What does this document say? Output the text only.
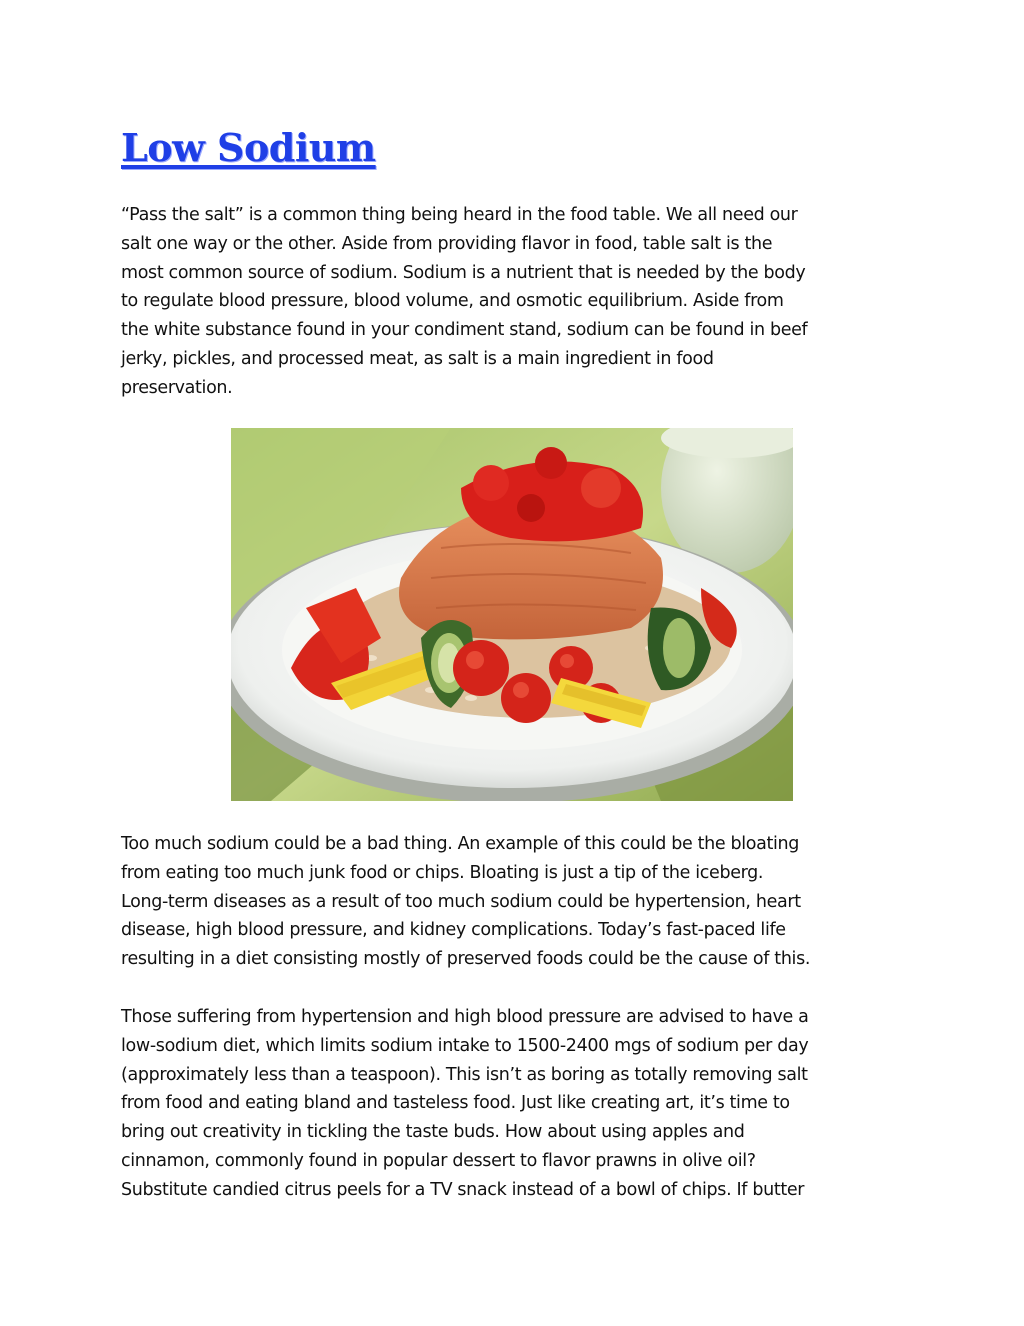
Low Sodium

“Pass the salt” is a common thing being heard in the food table. We all need our
salt one way or the other. Aside from providing flavor in food, table salt is the
most common source of sodium. Sodium is a nutrient that is needed by the body
to regulate blood pressure, blood volume, and osmotic equilibrium. Aside from
the white substance found in your condiment stand, sodium can be found in beef
jerky, pickles, and processed meat, as salt is a main ingredient in food
preservation.

Too much sodium could be a bad thing. An example of this could be the bloating
from eating too much junk food or chips. Bloating is just a tip of the iceberg.
Long-term diseases as a result of too much sodium could be hypertension, heart
disease, high blood pressure, and kidney complications. Today’s fast-paced life
resulting in a diet consisting mostly of preserved foods could be the cause of this.

Those suffering from hypertension and high blood pressure are advised to have a
low-sodium diet, which limits sodium intake to 1500-2400 mgs of sodium per day
(approximately less than a teaspoon). This isn’t as boring as totally removing salt
from food and eating bland and tasteless food. Just like creating art, it’s time to
bring out creativity in tickling the taste buds. How about using apples and
cinnamon, commonly found in popular dessert to flavor prawns in olive oil?
Substitute candied citrus peels for a TV snack instead of a bowl of chips. If butter
